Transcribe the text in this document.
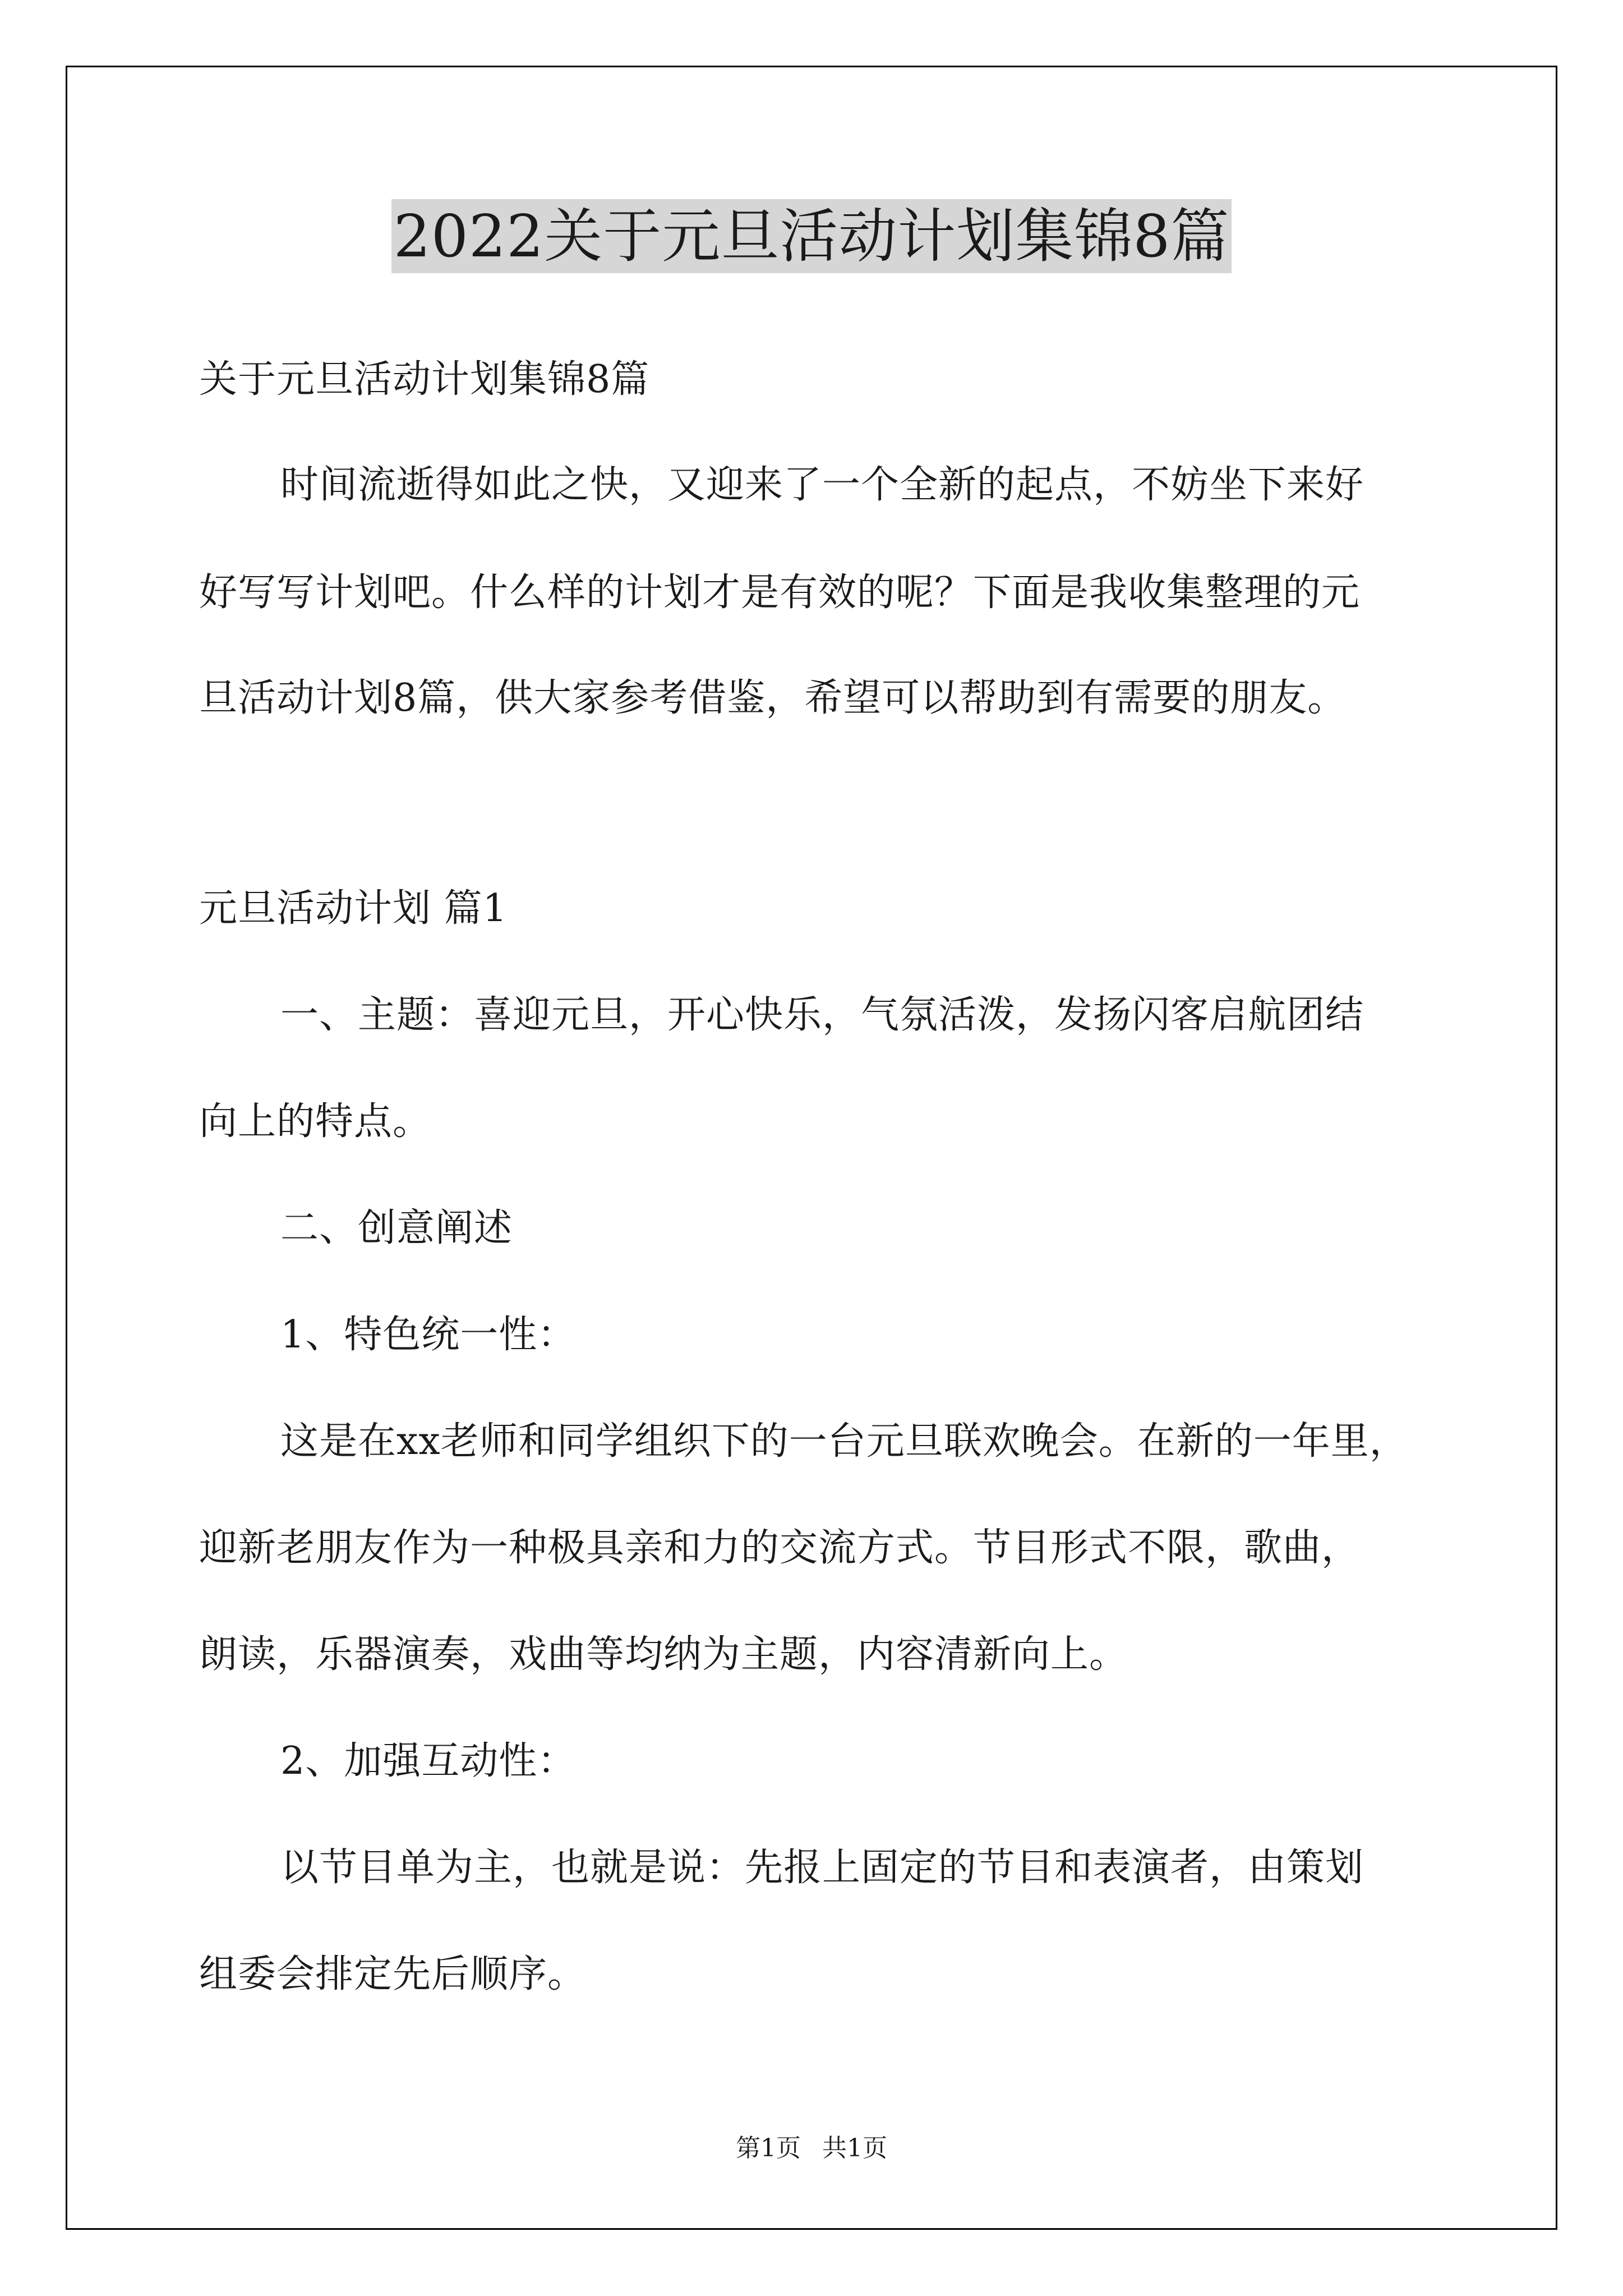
2022关于元旦活动计划集锦8篇
关于元旦活动计划集锦8篇
时间流逝得如此之快，又迎来了一个全新的起点，不妨坐下来好
好写写计划吧。什么样的计划才是有效的呢？下面是我收集整理的元
旦活动计划8篇，供大家参考借鉴，希望可以帮助到有需要的朋友。
元旦活动计划 篇1
一、主题：喜迎元旦，开心快乐，气氛活泼，发扬闪客启航团结
向上的特点。
二、创意阐述
1、特色统一性：
这是在xx老师和同学组织下的一台元旦联欢晚会。在新的一年里，
迎新老朋友作为一种极具亲和力的交流方式。节目形式不限，歌曲，
朗读，乐器演奏，戏曲等均纳为主题，内容清新向上。
2、加强互动性：
以节目单为主，也就是说：先报上固定的节目和表演者，由策划
组委会排定先后顺序。
第1页 共1页
